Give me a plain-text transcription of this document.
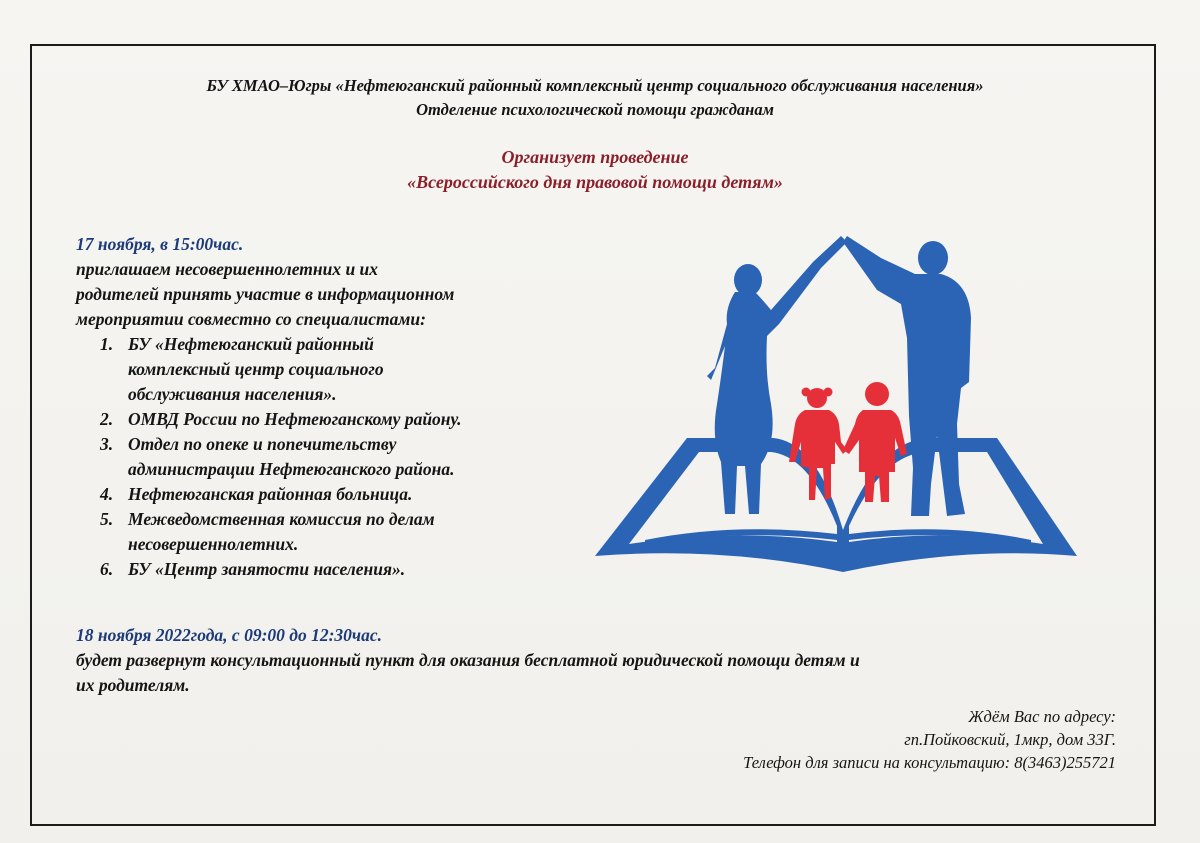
БУ ХМАО–Югры «Нефтеюганский районный комплексный центр социального обслуживания населения»
Отделение психологической помощи гражданам
Организует проведение
«Всероссийского дня правовой помощи детям»
17 ноября, в 15:00час.
приглашаем несовершеннолетних и их
родителей принять участие в информационном
мероприятии совместно со специалистами:
1. БУ «Нефтеюганский районный
комплексный центр социального
обслуживания населения».
2. ОМВД России по Нефтеюганскому району.
3. Отдел по опеке и попечительству
администрации Нефтеюганского района.
4. Нефтеюганская районная больница.
5. Межведомственная комиссия по делам
несовершеннолетних.
6. БУ «Центр занятости населения».
18 ноября 2022года, с 09:00 до 12:30час.
будет развернут консультационный пункт для оказания бесплатной юридической помощи детям и
их родителям.
Ждём Вас по адресу:
гп.Пойковский, 1мкр, дом 33Г.
Телефон для записи на консультацию: 8(3463)255721
